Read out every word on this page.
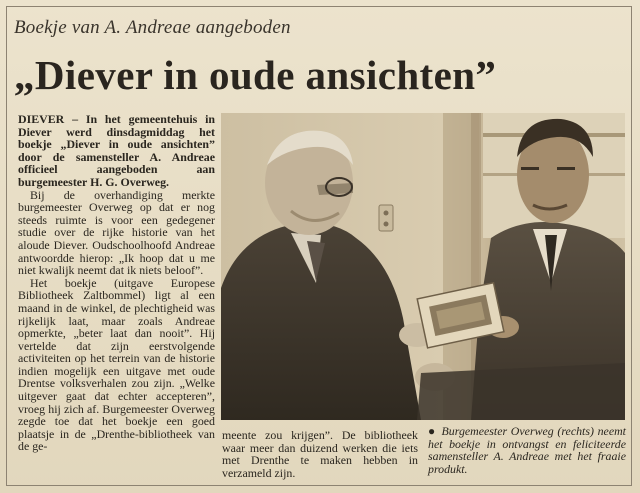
Boekje van A. Andreae aangeboden
„Diever in oude ansichten”

DIEVER – In het gemeentehuis in Diever werd dinsdagmiddag het boekje „Diever in oude ansichten” door de samensteller A. Andreae officieel aangeboden aan burgemeester H. G. Overweg.

Bij de overhandiging merkte burgemeester Overweg op dat er nog steeds ruimte is voor een gedegener studie over de rijke historie van het aloude Diever. Oudschoolhoofd Andreae antwoordde hierop: „Ik hoop dat u me niet kwalijk neemt dat ik niets beloof”.

Het boekje (uitgave Europese Bibliotheek Zaltbommel) ligt al een maand in de winkel, de plechtigheid was rijkelijk laat, maar zoals Andreae opmerkte, „beter laat dan nooit”. Hij vertelde dat zijn eerstvolgende activiteiten op het terrein van de historie indien mogelijk een uitgave met oude Drentse volksverhalen zou zijn. „Welke uitgever gaat dat echter accepteren”, vroeg hij zich af. Burgemeester Overweg zegde toe dat het boekje een goed plaatsje in de „Drenthe-bibliotheek van de ge-

meente zou krijgen”. De bibliotheek waar meer dan duizend werken die iets met Drenthe te maken hebben in verzameld zijn.
● Burgemeester Overweg (rechts) neemt het boekje in ontvangst en feliciteerde samensteller A. Andreae met het fraaie produkt.
